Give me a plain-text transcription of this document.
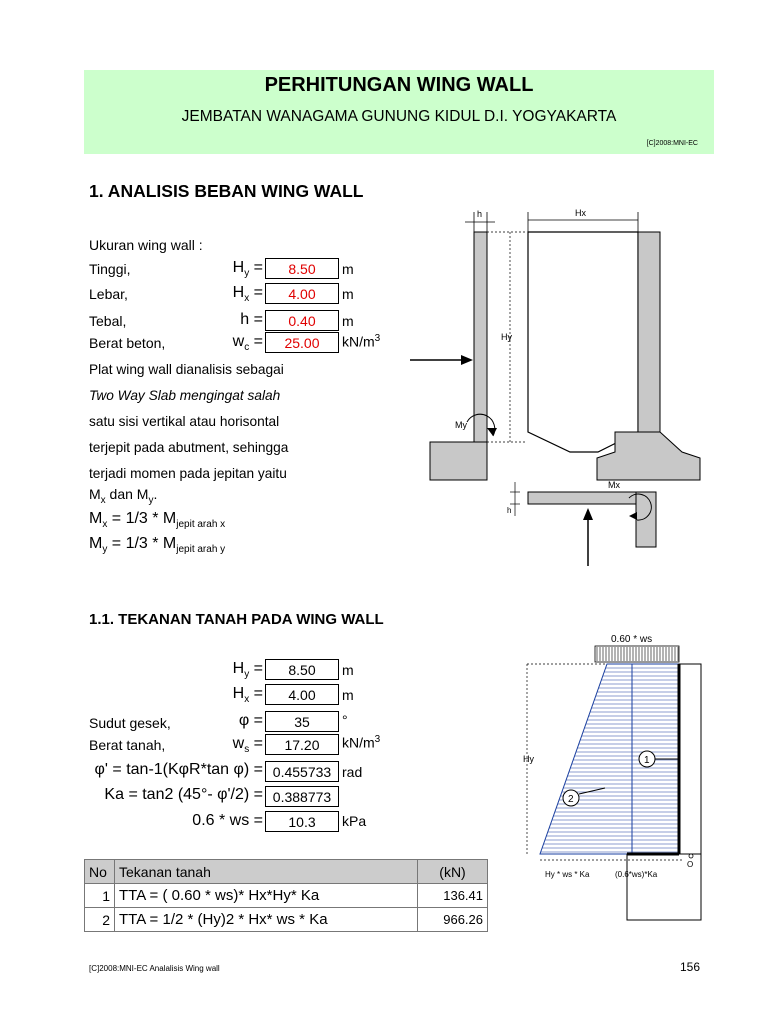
PERHITUNGAN WING WALL
JEMBATAN WANAGAMA GUNUNG KIDUL D.I. YOGYAKARTA
[C]2008:MNI-EC
1. ANALISIS BEBAN WING WALL
Ukuran wing wall :
Tinggi,	$H_y$ =	8.50	m
Lebar,	$H_x$ =	4.00	m
Tebal,	h =	0.40	m
Berat beton,	$w_c$ =	25.00	$kN/m^3$
Plat wing wall dianalisis sebagai
Two Way Slab mengingat salah
satu sisi vertikal atau horisontal
terjepit pada abutment, sehingga
terjadi momen pada jepitan yaitu
$M_x$ dan $M_y$.
$M_x = 1/3 * M_{jepit arah x}$
$M_y = 1/3 * M_{jepit arah y}$
h	Hx
Hy
My
h
Mx
1.1. TEKANAN TANAH PADA WING WALL
$H_y$ =	8.50	m
$H_x$ =	4.00	m
Sudut gesek,	φ =	35	°
Berat tanah,	$w_s$ =	17.20	$kN/m^3$
φ' = tan-1(KφR*tan φ) = 0.455733 rad
Ka = tan2 (45°- φ'/2) = 0.388773
0.6 * ws =	10.3	kPa
0.60 * ws
Hy	1
2
Hy * ws * Ka	(0.6*ws)*Ka
O
No	Tekanan tanah	(kN)
1	TTA = ( 0.60 * ws)* Hx*Hy* Ka	136.41
2	TTA = 1/2 * (Hy)2 * Hx* ws * Ka	966.26
[C]2008:MNI-EC Analalisis Wing wall	156
